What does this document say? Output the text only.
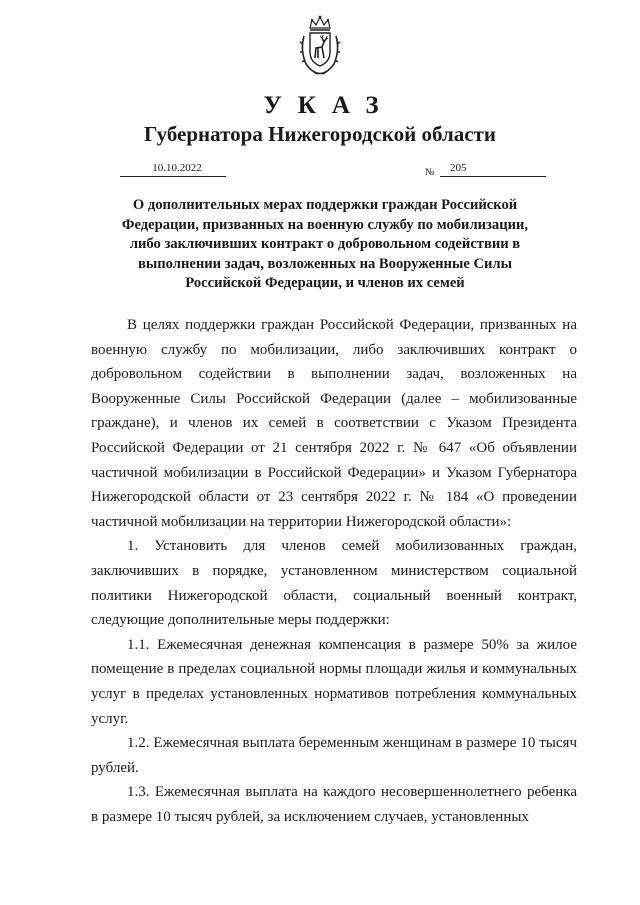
УКАЗ
Губернатора Нижегородской области
10.10.2022	№	205
О дополнительных мерах поддержки граждан Российской
Федерации, призванных на военную службу по мобилизации,
либо заключивших контракт о добровольном содействии в
выполнении задач, возложенных на Вооруженные Силы
Российской Федерации, и членов их семей

В целях поддержки граждан Российской Федерации, призванных на военную службу по мобилизации, либо заключивших контракт о добровольном содействии в выполнении задач, возложенных на Вооруженные Силы Российской Федерации (далее – мобилизованные граждане), и членов их семей в соответствии с Указом Президента Российской Федерации от 21 сентября 2022 г. № 647 «Об объявлении частичной мобилизации в Российской Федерации» и Указом Губернатора Нижегородской области от 23 сентября 2022 г. № 184 «О проведении частичной мобилизации на территории Нижегородской области»:

1. Установить для членов семей мобилизованных граждан, заключивших в порядке, установленном министерством социальной политики Нижегородской области, социальный военный контракт, следующие дополнительные меры поддержки:

1.1. Ежемесячная денежная компенсация в размере 50% за жилое помещение в пределах социальной нормы площади жилья и коммунальных услуг в пределах установленных нормативов потребления коммунальных услуг.

1.2. Ежемесячная выплата беременным женщинам в размере 10 тысяч рублей.

1.3. Ежемесячная выплата на каждого несовершеннолетнего ребенка в размере 10 тысяч рублей, за исключением случаев, установленных
